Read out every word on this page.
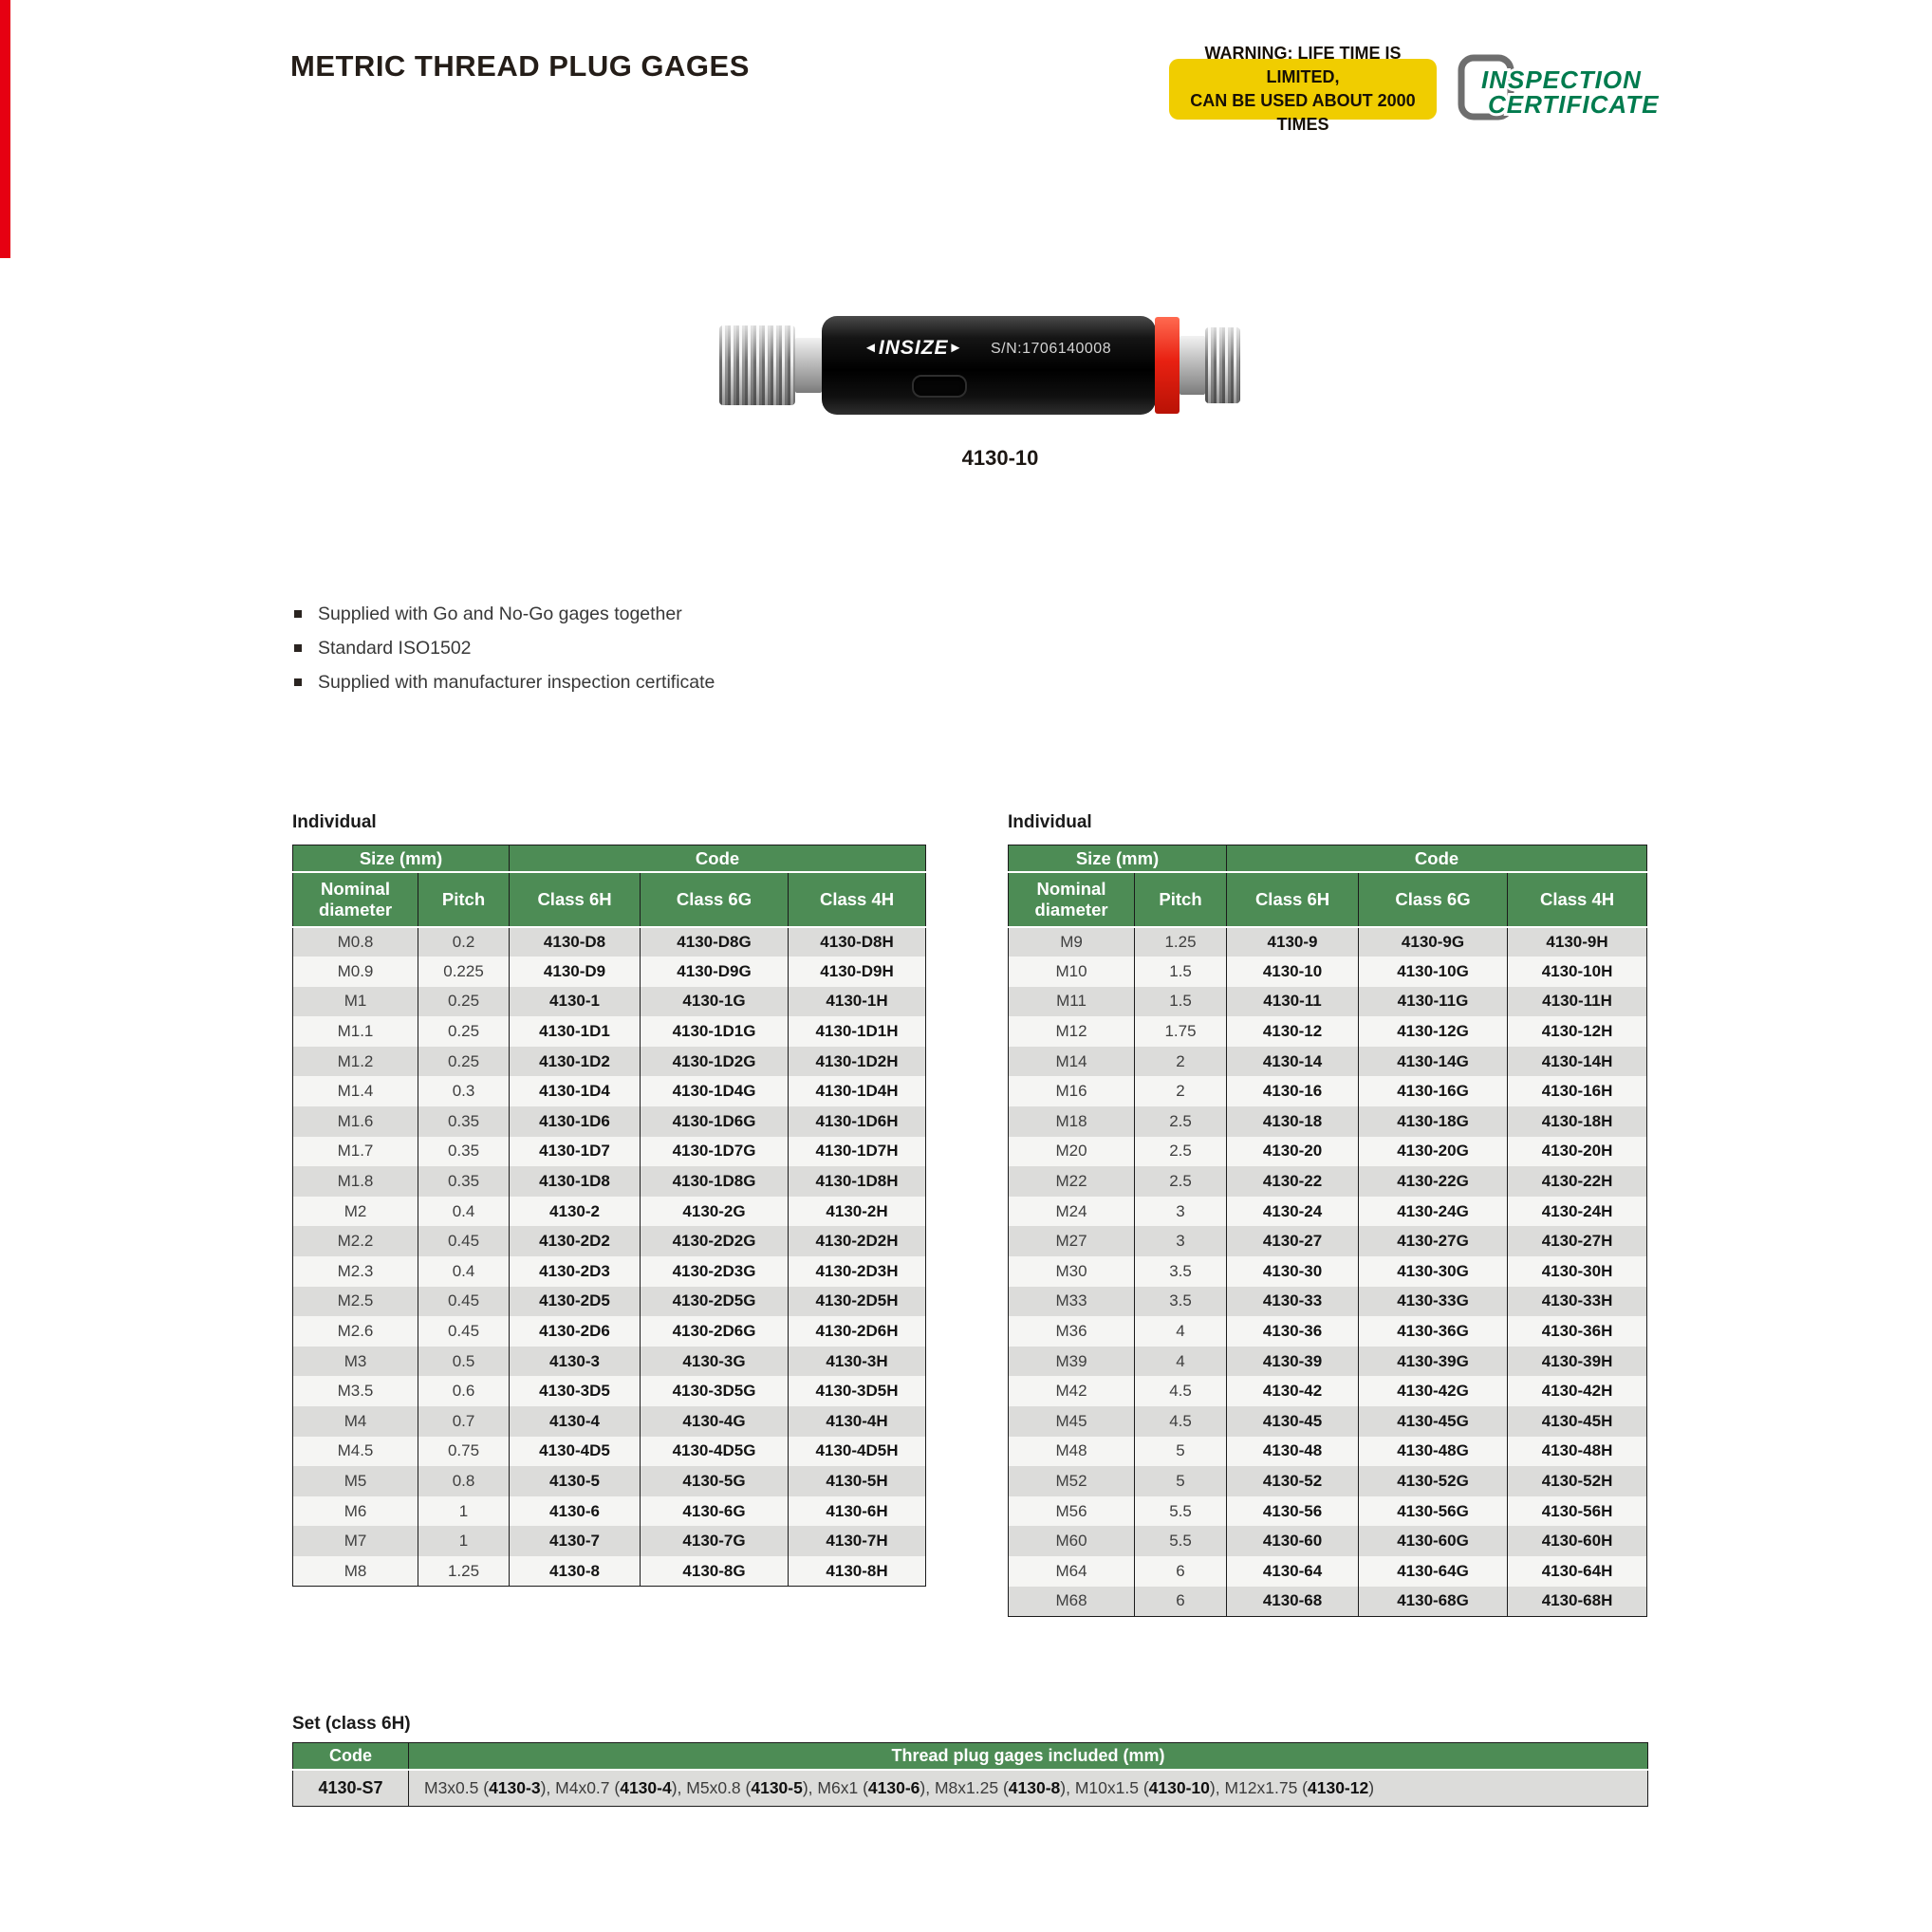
METRIC THREAD PLUG GAGES	WARNING: LIFE TIME IS LIMITED,
CAN BE USED ABOUT 2000 TIMES
INSPECTION
CERTIFICATE
◄INSIZE► S/N:1706140008
4130-10
Supplied with Go and No-Go gages together
Standard ISO1502
Supplied with manufacturer inspection certificate
Individual
Size (mm)		Code		
Nominal diameter	Pitch	Class 6H	Class 6G	Class 4H
M0.8	0.2	4130-D8	4130-D8G	4130-D8H
M0.9	0.225	4130-D9	4130-D9G	4130-D9H
M1	0.25	4130-1	4130-1G	4130-1H
M1.1	0.25	4130-1D1	4130-1D1G	4130-1D1H
M1.2	0.25	4130-1D2	4130-1D2G	4130-1D2H
M1.4	0.3	4130-1D4	4130-1D4G	4130-1D4H
M1.6	0.35	4130-1D6	4130-1D6G	4130-1D6H
M1.7	0.35	4130-1D7	4130-1D7G	4130-1D7H
M1.8	0.35	4130-1D8	4130-1D8G	4130-1D8H
M2	0.4	4130-2	4130-2G	4130-2H
M2.2	0.45	4130-2D2	4130-2D2G	4130-2D2H
M2.3	0.4	4130-2D3	4130-2D3G	4130-2D3H
M2.5	0.45	4130-2D5	4130-2D5G	4130-2D5H
M2.6	0.45	4130-2D6	4130-2D6G	4130-2D6H
M3	0.5	4130-3	4130-3G	4130-3H
M3.5	0.6	4130-3D5	4130-3D5G	4130-3D5H
M4	0.7	4130-4	4130-4G	4130-4H
M4.5	0.75	4130-4D5	4130-4D5G	4130-4D5H
M5	0.8	4130-5	4130-5G	4130-5H
M6	1	4130-6	4130-6G	4130-6H
M7	1	4130-7	4130-7G	4130-7H
M8	1.25	4130-8	4130-8G	4130-8H
Individual
Size (mm)		Code		
Nominal diameter	Pitch	Class 6H	Class 6G	Class 4H
M9	1.25	4130-9	4130-9G	4130-9H
M10	1.5	4130-10	4130-10G	4130-10H
M11	1.5	4130-11	4130-11G	4130-11H
M12	1.75	4130-12	4130-12G	4130-12H
M14	2	4130-14	4130-14G	4130-14H
M16	2	4130-16	4130-16G	4130-16H
M18	2.5	4130-18	4130-18G	4130-18H
M20	2.5	4130-20	4130-20G	4130-20H
M22	2.5	4130-22	4130-22G	4130-22H
M24	3	4130-24	4130-24G	4130-24H
M27	3	4130-27	4130-27G	4130-27H
M30	3.5	4130-30	4130-30G	4130-30H
M33	3.5	4130-33	4130-33G	4130-33H
M36	4	4130-36	4130-36G	4130-36H
M39	4	4130-39	4130-39G	4130-39H
M42	4.5	4130-42	4130-42G	4130-42H
M45	4.5	4130-45	4130-45G	4130-45H
M48	5	4130-48	4130-48G	4130-48H
M52	5	4130-52	4130-52G	4130-52H
M56	5.5	4130-56	4130-56G	4130-56H
M60	5.5	4130-60	4130-60G	4130-60H
M64	6	4130-64	4130-64G	4130-64H
M68	6	4130-68	4130-68G	4130-68H
Set (class 6H)
Code	Thread plug gages included (mm)
4130-S7	M3x0.5 (4130-3), M4x0.7 (4130-4), M5x0.8 (4130-5), M6x1 (4130-6), M8x1.25 (4130-8), M10x1.5 (4130-10), M12x1.75 (4130-12)
